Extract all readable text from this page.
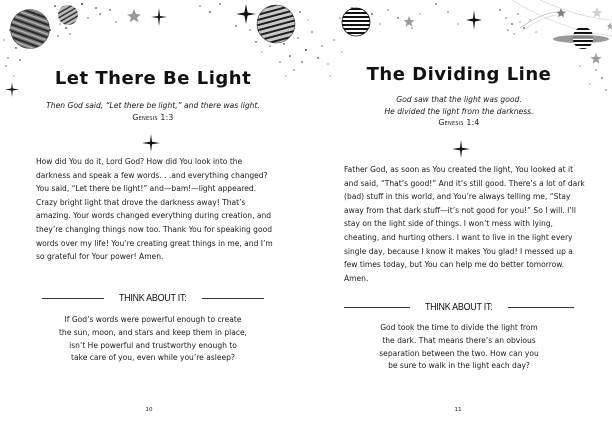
Let There Be Light
Then God said, “Let there be light,” and there was light.
Genesis 1:3

How did You do it, Lord God? How did You look into the darkness and speak a few words. . .and everything changed? You said, “Let there be light!” and—bam!—light appeared. Crazy bright light that drove the darkness away! That’s amazing. Your words changed everything during creation, and they’re changing things now too. Thank You for speaking good words over my life! You’re creating great things in me, and I’m so grateful for Your power! Amen.

THINK ABOUT IT:
If God’s words were powerful enough to create
the sun, moon, and stars and keep them in place,
isn’t He powerful and trustworthy enough to
take care of you, even while you’re asleep?
10
The Dividing Line
God saw that the light was good.
He divided the light from the darkness.
Genesis 1:4

Father God, as soon as You created the light, You looked at it and said, “That’s good!” And it’s still good. There’s a lot of dark (bad) stuff in this world, and You’re always telling me, “Stay away from that dark stuff—it’s not good for you!” So I will. I’ll stay on the light side of things. I won’t mess with lying, cheating, and hurting others. I want to live in the light every single day, because I know it makes You glad! I messed up a few times today, but You can help me do better tomorrow. Amen.

THINK ABOUT IT:
God took the time to divide the light from
the dark. That means there’s an obvious
separation between the two. How can you
be sure to walk in the light each day?
11
